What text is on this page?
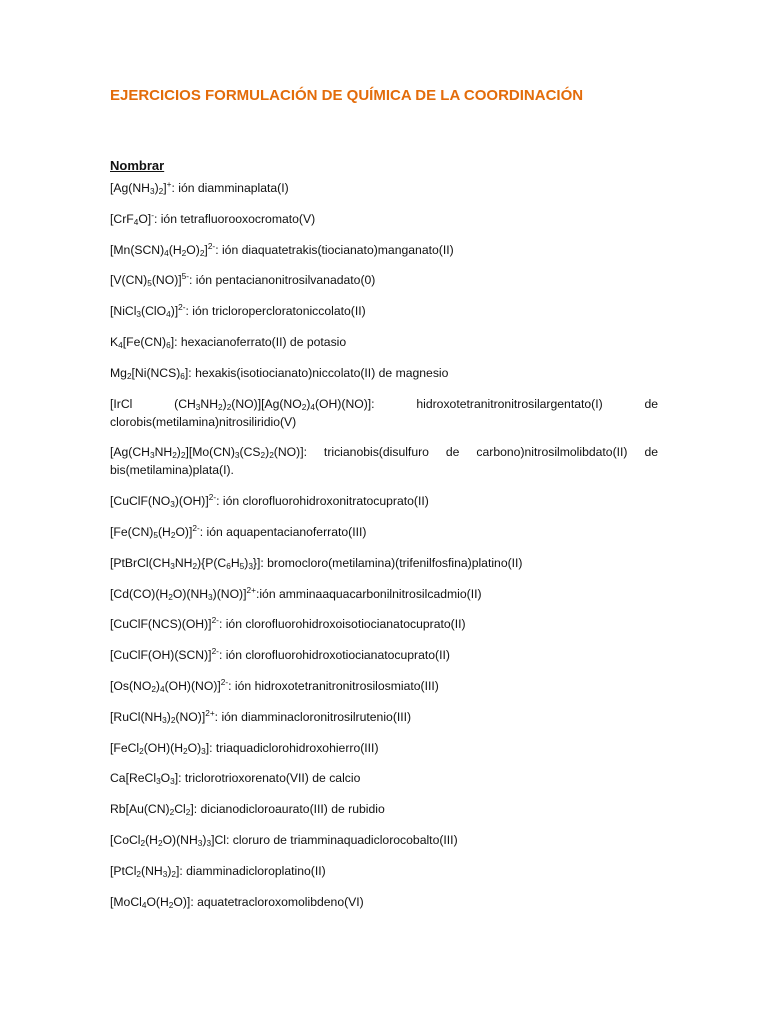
EJERCICIOS FORMULACIÓN DE QUÍMICA DE LA COORDINACIÓN
Nombrar

$[Ag(NH_3)_2]^+$: ión diamminaplata(I)

[CrF$_4$O]-: ión tetrafluorooxocromato(V)

$[Mn(SCN)_4(H_2O)_2]^{2-}$: ión diaquatetrakis(tiocianato)manganato(II)

$[V(CN)_5(NO)]^{5-}$: ión pentacianonitrosilvanadato(0)

[NiCl$_3$(ClO$_4$)]$^{2-}$: ión tricloropercloratoniccolato(II)

$K_4[Fe(CN)_6]$: hexacianoferrato(II) de potasio

$Mg_2[Ni(NCS)_6]$: hexakis(isotiocianato)niccolato(II) de magnesio

[IrCl $(CH_3NH_2)_2(NO)][Ag(NO_2)_4(OH)(NO)]$: hidroxotetranitronitrosilargentato(I) de clorobis(metilamina)nitrosiliridio(V)

$[Ag(CH_3NH_2)_2][Mo(CN)_3(CS_2)_2(NO)]$: tricianobis(disulfuro de carbono)nitrosilmolibdato(II) de bis(metilamina)plata(I).

$[CuClF(NO_3)(OH)]^{2-}$: ión clorofluorohidroxonitratocuprato(II)

$[Fe(CN)_5(H_2O)]^{2-}$: ión aquapentacianoferrato(III)

$[PtBrCl(CH_3NH_2)\{P(C_6H_5)_3\}]$: bromocloro(metilamina)(trifenilfosfina)platino(II)

$[Cd(CO)(H_2O)(NH_3)(NO)]^{2+}:ión$ amminaaquacarbonilnitrosilcadmio(II)

[CuClF(NCS)(OH)]$^{2-}$: ión clorofluorohidroxoisotiocianatocuprato(II)

[CuClF(OH)(SCN)]$^{2-}$: ión clorofluorohidroxotiocianatocuprato(II)

$[Os(NO_2)_4(OH)(NO)]^{2-}$: ión hidroxotetranitronitrosilosmiato(III)

$[RuCl(NH_3)_2(NO)]^{2+}$: ión diamminacloronitrosilrutenio(III)

$[FeCl_2(OH)(H_2O)_3]$: triaquadiclorohidroxohierro(III)

$Ca[ReCl_3O_3]$: triclorotrioxorenato(VII) de calcio

$Rb[Au(CN)_2Cl_2]$: dicianodicloroaurato(III) de rubidio

$[CoCl_2(H_2O)(NH_3)_3]Cl$: cloruro de triamminaquadiclorocobalto(III)

$[PtCl_2(NH_3)_2]$: diamminadicloroplatino(II)

$[MoCl_4O(H_2O)]$: aquatetracloroxomolibdeno(VI)
